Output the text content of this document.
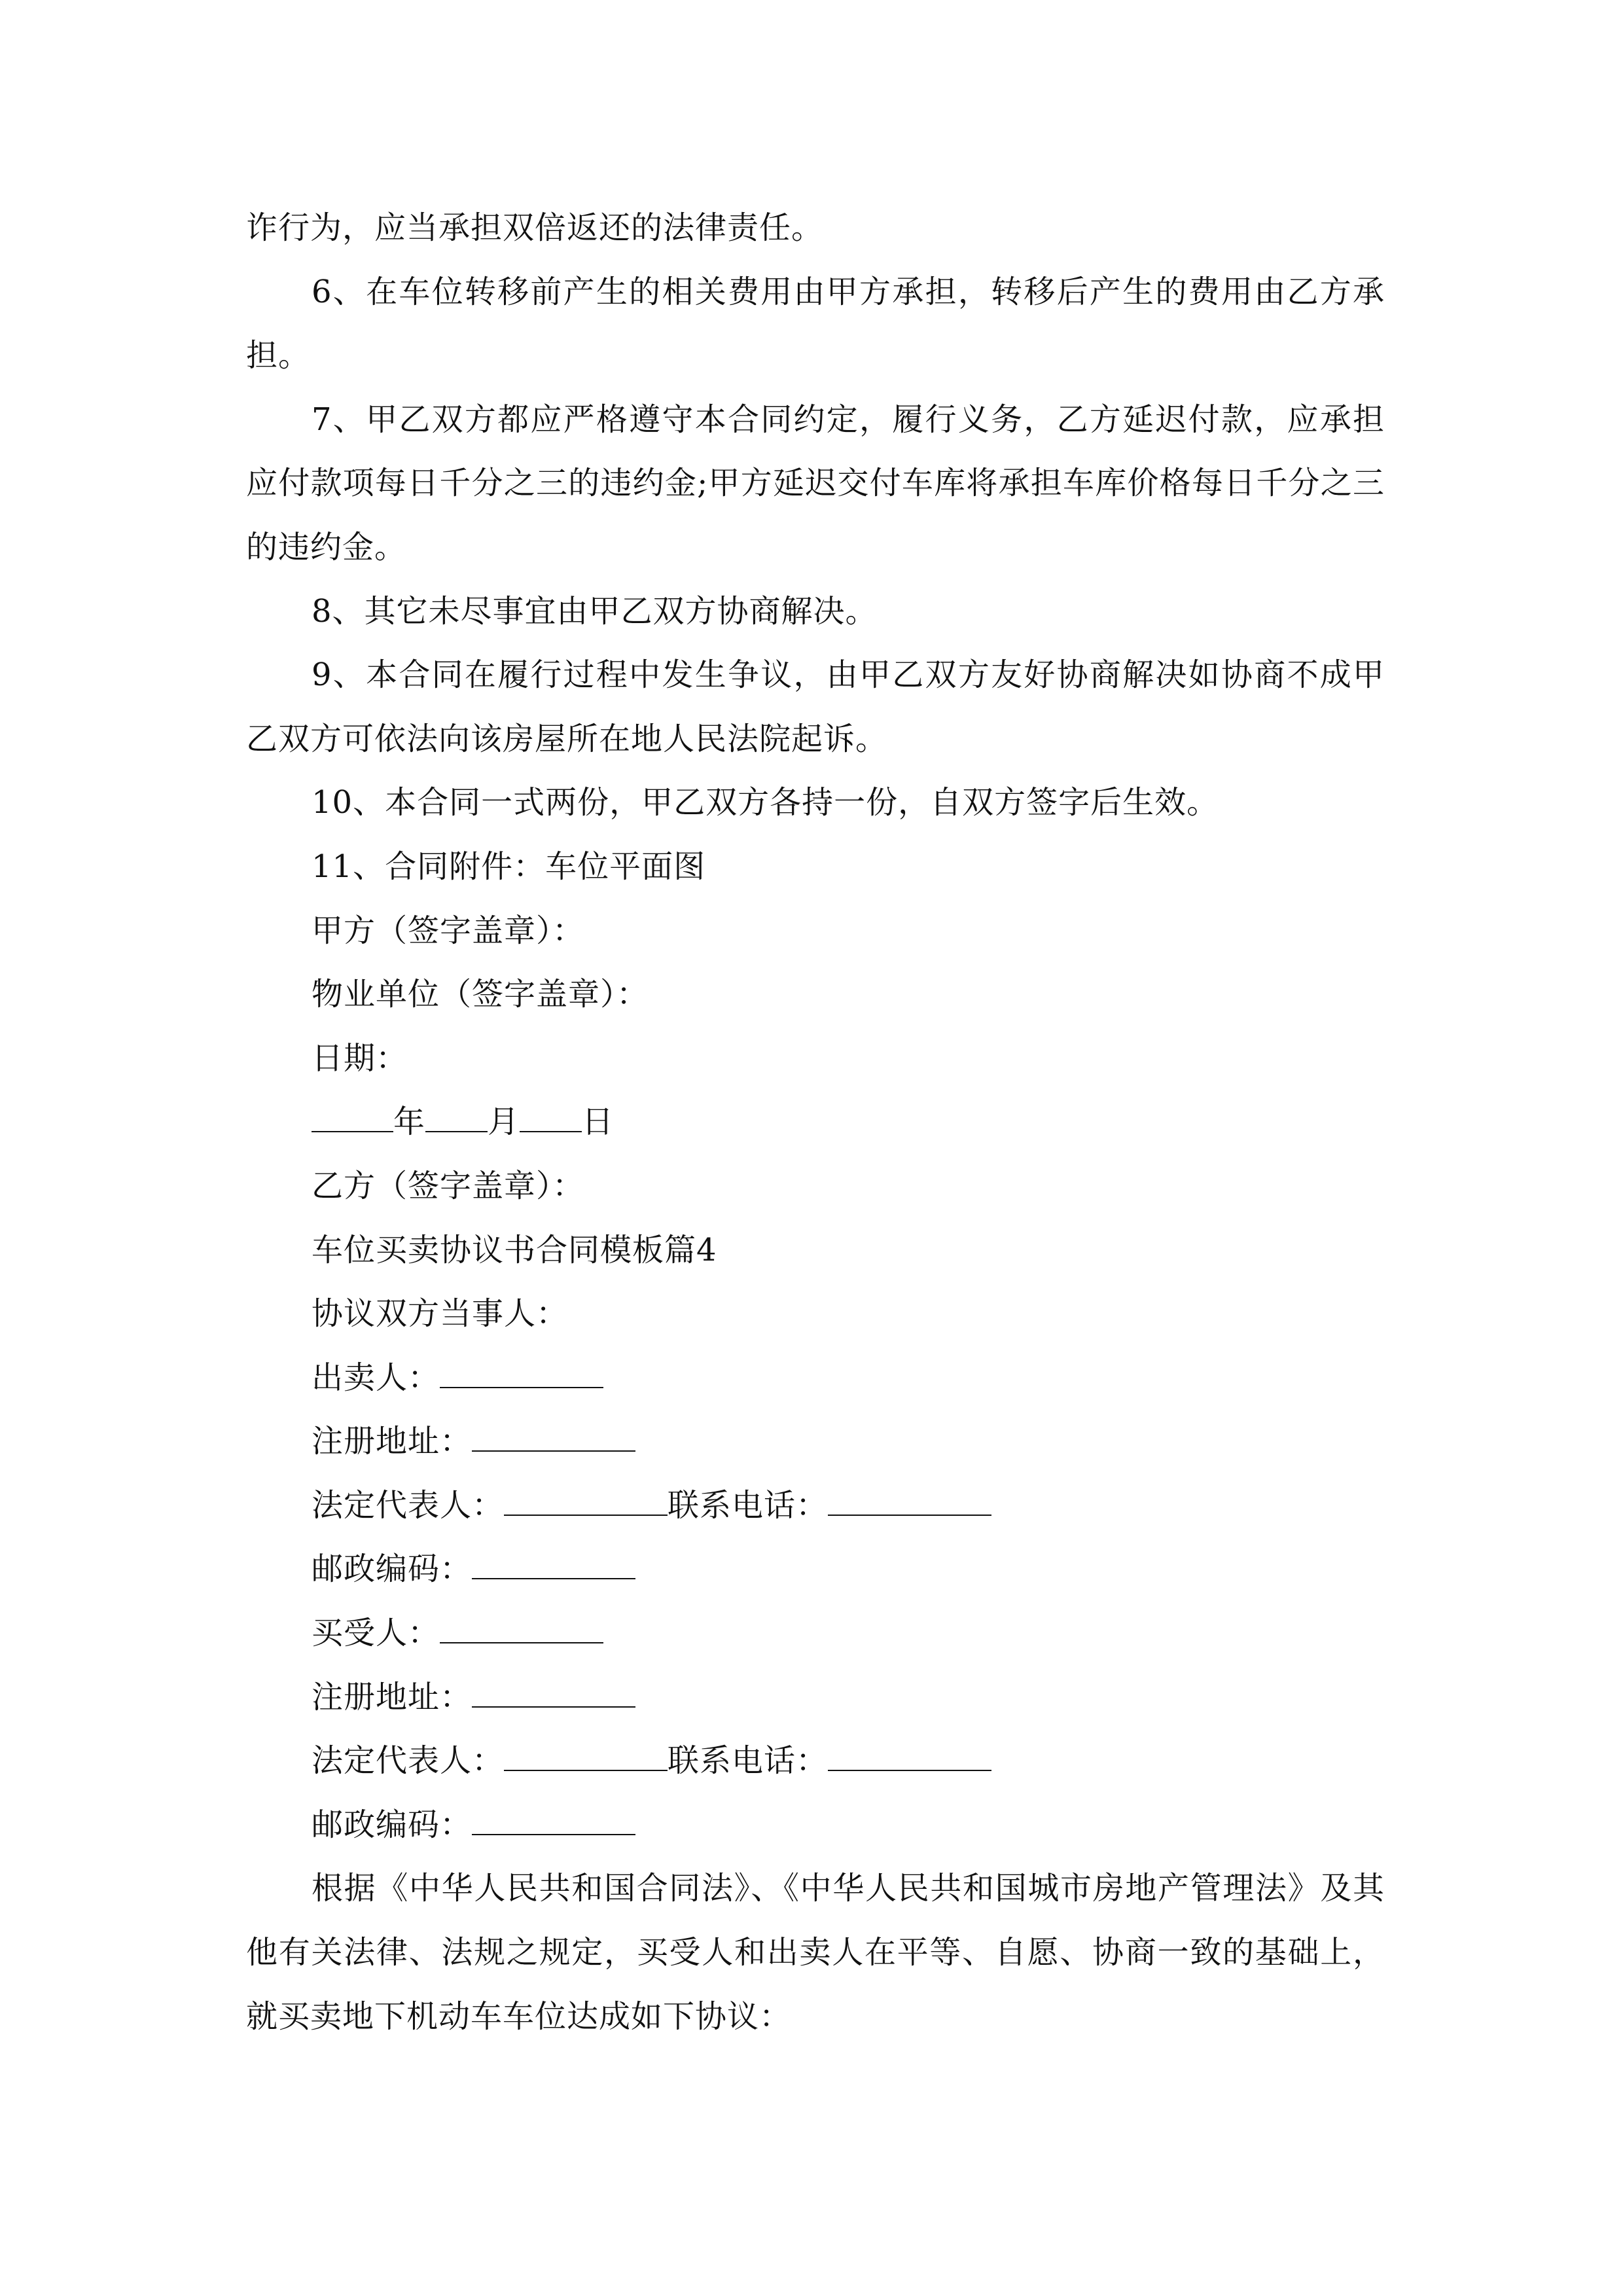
诈行为，应当承担双倍返还的法律责任。

6、在车位转移前产生的相关费用由甲方承担，转移后产生的费用由乙方承担。

7、甲乙双方都应严格遵守本合同约定，履行义务，乙方延迟付款，应承担应付款项每日千分之三的违约金;甲方延迟交付车库将承担车库价格每日千分之三的违约金。

8、其它未尽事宜由甲乙双方协商解决。

9、本合同在履行过程中发生争议，由甲乙双方友好协商解决如协商不成甲乙双方可依法向该房屋所在地人民法院起诉。

10、本合同一式两份，甲乙双方各持一份，自双方签字后生效。

11、合同附件：车位平面图

甲方（签字盖章）：

物业单位（签字盖章）：

日期：

年 月 日

乙方（签字盖章）：

车位买卖协议书合同模板篇4

协议双方当事人：

出卖人：

注册地址：

法定代表人：	联系电话：

邮政编码：

买受人：

注册地址：

法定代表人：	联系电话：

邮政编码：

根据《中华人民共和国合同法》、《中华人民共和国城市房地产管理法》及其他有关法律、法规之规定，买受人和出卖人在平等、自愿、协商一致的基础上，就买卖地下机动车车位达成如下协议：
